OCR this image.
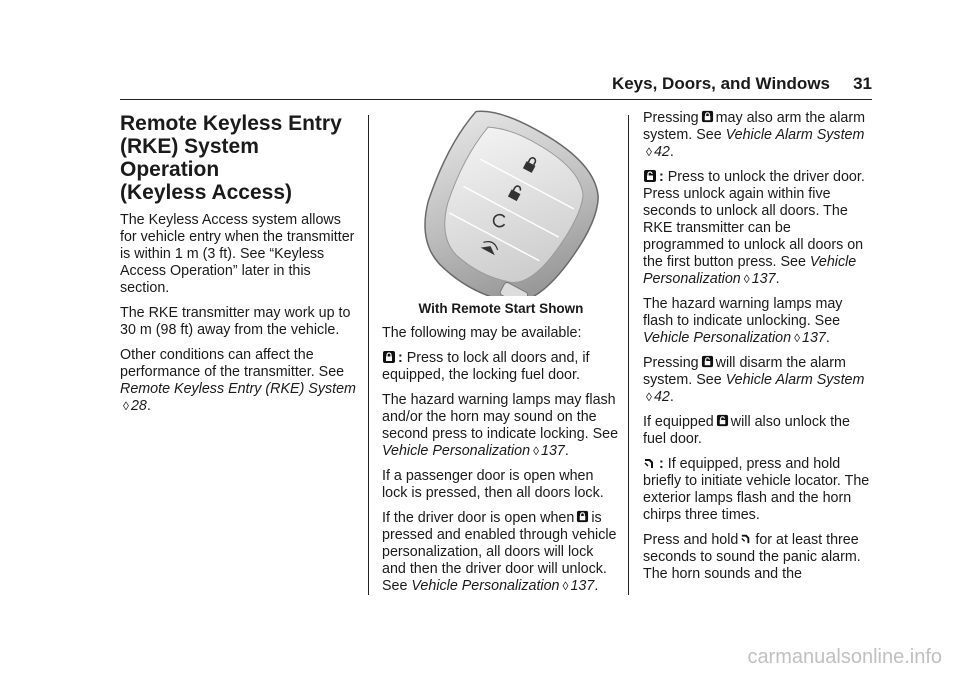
Keys, Doors, and Windows 31
Remote Keyless Entry
(RKE) System Operation
(Keyless Access)

The Keyless Access system allows for vehicle entry when the transmitter is within 1 m (3 ft). See “Keyless Access Operation” later in this section.

The RKE transmitter may work up to 30 m (98 ft) away from the vehicle.

Other conditions can affect the performance of the transmitter. See Remote Keyless Entry (RKE) System◊ 28.

With Remote Start Shown

The following may be available:

: Press to lock all doors and, if equipped, the locking fuel door.

The hazard warning lamps may flash and/or the horn may sound on the second press to indicate locking. See Vehicle Personalization ◊ 137.

If a passenger door is open when lock is pressed, then all doors lock.

If the driver door is open when is pressed and enabled through vehicle personalization, all doors will lock and then the driver door will unlock. See Vehicle Personalization ◊ 137.

Pressing may also arm the alarm system. See Vehicle Alarm System◊ 42.

: Press to unlock the driver door. Press unlock again within five seconds to unlock all doors. The RKE transmitter can be programmed to unlock all doors on the first button press. See Vehicle Personalization ◊ 137.

The hazard warning lamps may flash to indicate unlocking. See Vehicle Personalization ◊ 137.

Pressing will disarm the alarm system. See Vehicle Alarm System◊ 42.

If equipped will also unlock the fuel door.

: If equipped, press and hold briefly to initiate vehicle locator. The exterior lamps flash and the horn chirps three times.

Press and hold for at least three seconds to sound the panic alarm. The horn sounds and the

carmanualsonline.info
